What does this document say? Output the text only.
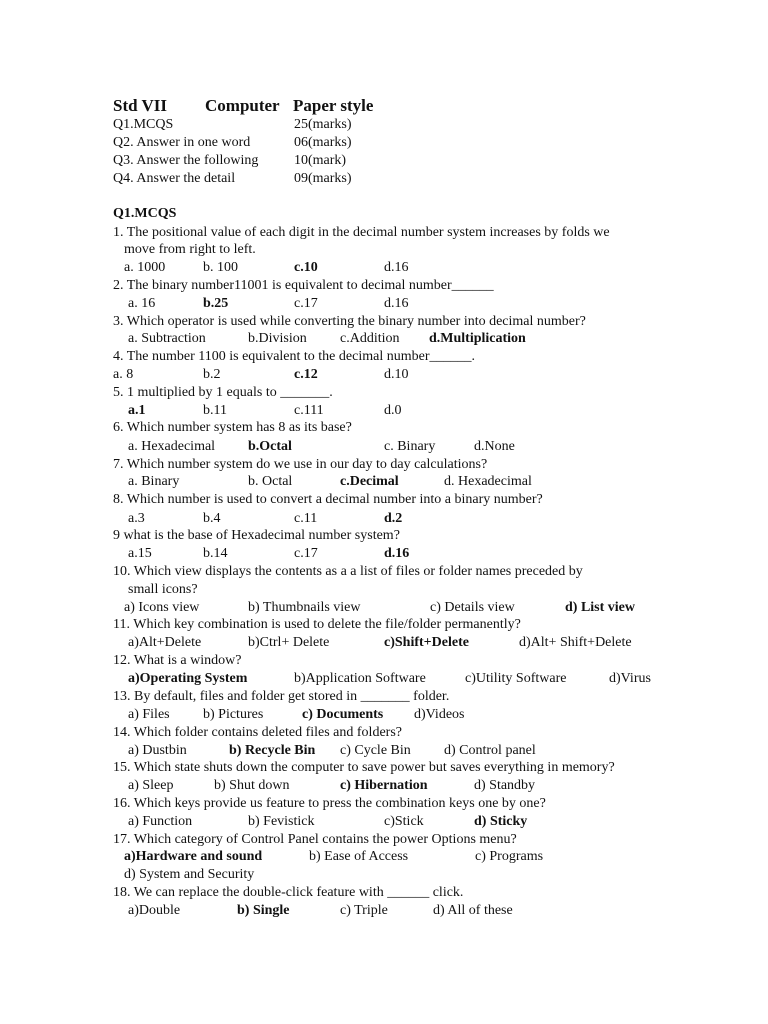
Std VII Computer Paper style
Q1.MCQS	25(marks)
Q2. Answer in one word	06(marks)
Q3. Answer the following	10(mark)
Q4. Answer the detail	09(marks)
Q1.MCQS
1. The positional value of each digit in the decimal number system increases by folds we
move from right to left.
a. 1000	b. 100	c.10	d.16
2. The binary number11001 is equivalent to decimal number______
a. 16	b.25	c.17	d.16
3. Which operator is used while converting the binary number into decimal number?
a. Subtraction	b.Division c.Addition d.Multiplication
4. The number 1100 is equivalent to the decimal number______.
a. 8	b.2	c.12	d.10
5. 1 multiplied by 1 equals to _______.
a.1	b.11	c.111	d.0
6. Which number system has 8 as its base?
a. Hexadecimal b.Octal	c. Binary	d.None
7. Which number system do we use in our day to day calculations?
a. Binary	b. Octal	c.Decimal	d. Hexadecimal
8. Which number is used to convert a decimal number into a binary number?
a.3	b.4	c.11	d.2
9 what is the base of Hexadecimal number system?
a.15	b.14	c.17	d.16
10. Which view displays the contents as a a list of files or folder names preceded by
small icons?
a) Icons view	b) Thumbnails view	c) Details view	d) List view
11. Which key combination is used to delete the file/folder permanently?
a)Alt+Delete	b)Ctrl+ Delete	c)Shift+Delete	d)Alt+ Shift+Delete
12. What is a window?
a)Operating System	b)Application Software	c)Utility Software	d)Virus
13. By default, files and folder get stored in _______ folder.
a) Files b) Pictures	c) Documents d)Videos
14. Which folder contains deleted files and folders?
a) Dustbin	b) Recycle Bin c) Cycle Bin d) Control panel
15. Which state shuts down the computer to save power but saves everything in memory?
a) Sleep	b) Shut down	c) Hibernation	d) Standby
16. Which keys provide us feature to press the combination keys one by one?
a) Function	b) Fevistick	c)Stick	d) Sticky
17. Which category of Control Panel contains the power Options menu?
a)Hardware and sound	b) Ease of Access	c) Programs
d) System and Security
18. We can replace the double-click feature with ______ click.
a)Double	b) Single	c) Triple	d) All of these
